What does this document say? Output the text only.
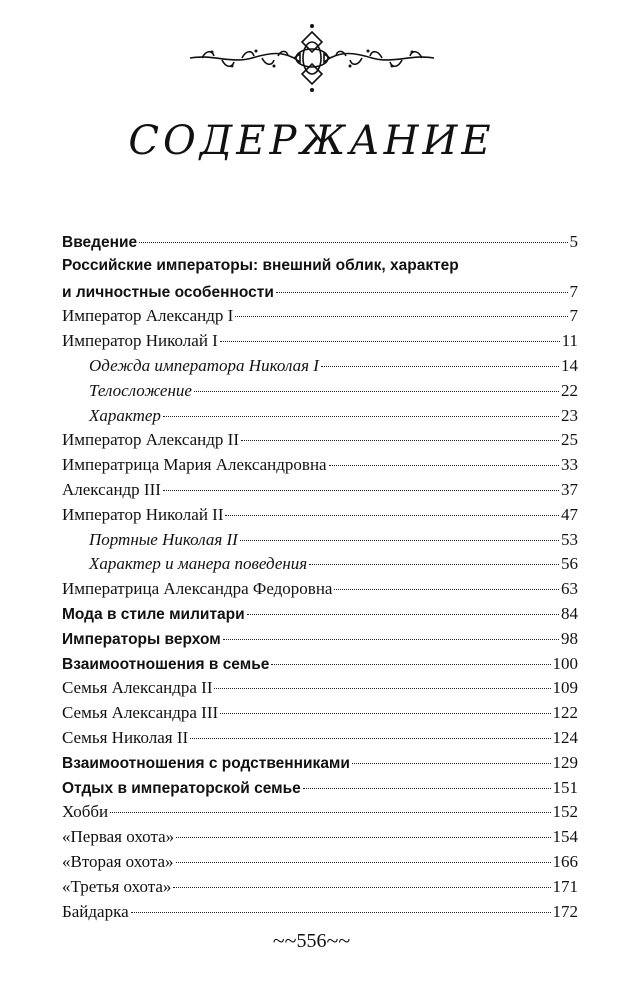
СОДЕРЖАНИЕ
Введение	5
Российские императоры: внешний облик, характер
и личностные особенности	7
Император Александр I	7
Император Николай I	11
Одежда императора Николая I	14
Телосложение	22
Характер	23
Император Александр II	25
Императрица Мария Александровна	33
Александр III	37
Император Николай II	47
Портные Николая II	53
Характер и манера поведения	56
Императрица Александра Федоровна	63
Мода в стиле милитари	84
Императоры верхом	98
Взаимоотношения в семье	100
Семья Александра II	109
Семья Александра III	122
Семья Николая II	124
Взаимоотношения с родственниками	129
Отдых в императорской семье	151
Хобби	152
«Первая охота»	154
«Вторая охота»	166
«Третья охота»	171
Байдарка	172
~ ~ 556 ~ ~
